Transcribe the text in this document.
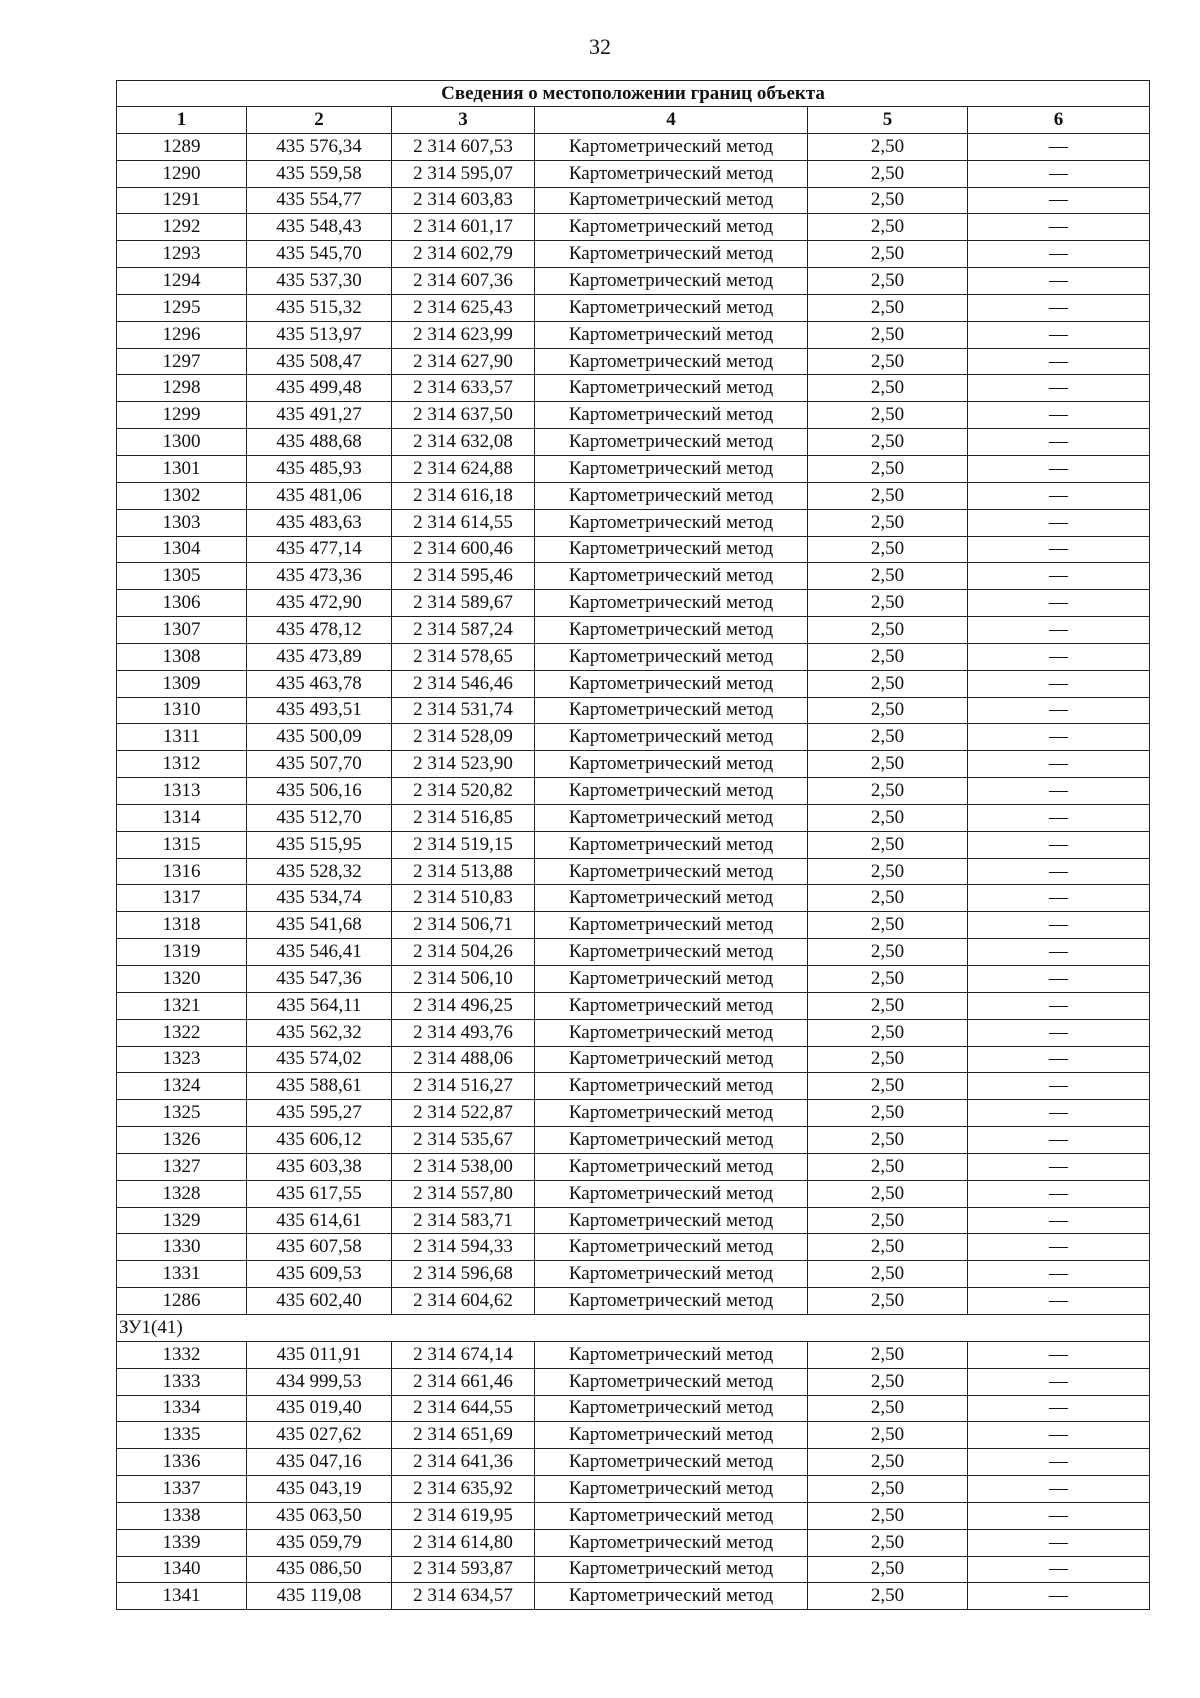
32
Сведения о местоположении границ объекта					
1	2	3	4	5	6
1289	435 576,34	2 314 607,53	Картометрический метод	2,50	—
1290	435 559,58	2 314 595,07	Картометрический метод	2,50	—
1291	435 554,77	2 314 603,83	Картометрический метод	2,50	—
1292	435 548,43	2 314 601,17	Картометрический метод	2,50	—
1293	435 545,70	2 314 602,79	Картометрический метод	2,50	—
1294	435 537,30	2 314 607,36	Картометрический метод	2,50	—
1295	435 515,32	2 314 625,43	Картометрический метод	2,50	—
1296	435 513,97	2 314 623,99	Картометрический метод	2,50	—
1297	435 508,47	2 314 627,90	Картометрический метод	2,50	—
1298	435 499,48	2 314 633,57	Картометрический метод	2,50	—
1299	435 491,27	2 314 637,50	Картометрический метод	2,50	—
1300	435 488,68	2 314 632,08	Картометрический метод	2,50	—
1301	435 485,93	2 314 624,88	Картометрический метод	2,50	—
1302	435 481,06	2 314 616,18	Картометрический метод	2,50	—
1303	435 483,63	2 314 614,55	Картометрический метод	2,50	—
1304	435 477,14	2 314 600,46	Картометрический метод	2,50	—
1305	435 473,36	2 314 595,46	Картометрический метод	2,50	—
1306	435 472,90	2 314 589,67	Картометрический метод	2,50	—
1307	435 478,12	2 314 587,24	Картометрический метод	2,50	—
1308	435 473,89	2 314 578,65	Картометрический метод	2,50	—
1309	435 463,78	2 314 546,46	Картометрический метод	2,50	—
1310	435 493,51	2 314 531,74	Картометрический метод	2,50	—
1311	435 500,09	2 314 528,09	Картометрический метод	2,50	—
1312	435 507,70	2 314 523,90	Картометрический метод	2,50	—
1313	435 506,16	2 314 520,82	Картометрический метод	2,50	—
1314	435 512,70	2 314 516,85	Картометрический метод	2,50	—
1315	435 515,95	2 314 519,15	Картометрический метод	2,50	—
1316	435 528,32	2 314 513,88	Картометрический метод	2,50	—
1317	435 534,74	2 314 510,83	Картометрический метод	2,50	—
1318	435 541,68	2 314 506,71	Картометрический метод	2,50	—
1319	435 546,41	2 314 504,26	Картометрический метод	2,50	—
1320	435 547,36	2 314 506,10	Картометрический метод	2,50	—
1321	435 564,11	2 314 496,25	Картометрический метод	2,50	—
1322	435 562,32	2 314 493,76	Картометрический метод	2,50	—
1323	435 574,02	2 314 488,06	Картометрический метод	2,50	—
1324	435 588,61	2 314 516,27	Картометрический метод	2,50	—
1325	435 595,27	2 314 522,87	Картометрический метод	2,50	—
1326	435 606,12	2 314 535,67	Картометрический метод	2,50	—
1327	435 603,38	2 314 538,00	Картометрический метод	2,50	—
1328	435 617,55	2 314 557,80	Картометрический метод	2,50	—
1329	435 614,61	2 314 583,71	Картометрический метод	2,50	—
1330	435 607,58	2 314 594,33	Картометрический метод	2,50	—
1331	435 609,53	2 314 596,68	Картометрический метод	2,50	—
1286	435 602,40	2 314 604,62	Картометрический метод	2,50	—
ЗУ1(41)					
1332	435 011,91	2 314 674,14	Картометрический метод	2,50	—
1333	434 999,53	2 314 661,46	Картометрический метод	2,50	—
1334	435 019,40	2 314 644,55	Картометрический метод	2,50	—
1335	435 027,62	2 314 651,69	Картометрический метод	2,50	—
1336	435 047,16	2 314 641,36	Картометрический метод	2,50	—
1337	435 043,19	2 314 635,92	Картометрический метод	2,50	—
1338	435 063,50	2 314 619,95	Картометрический метод	2,50	—
1339	435 059,79	2 314 614,80	Картометрический метод	2,50	—
1340	435 086,50	2 314 593,87	Картометрический метод	2,50	—
1341	435 119,08	2 314 634,57	Картометрический метод	2,50	—
